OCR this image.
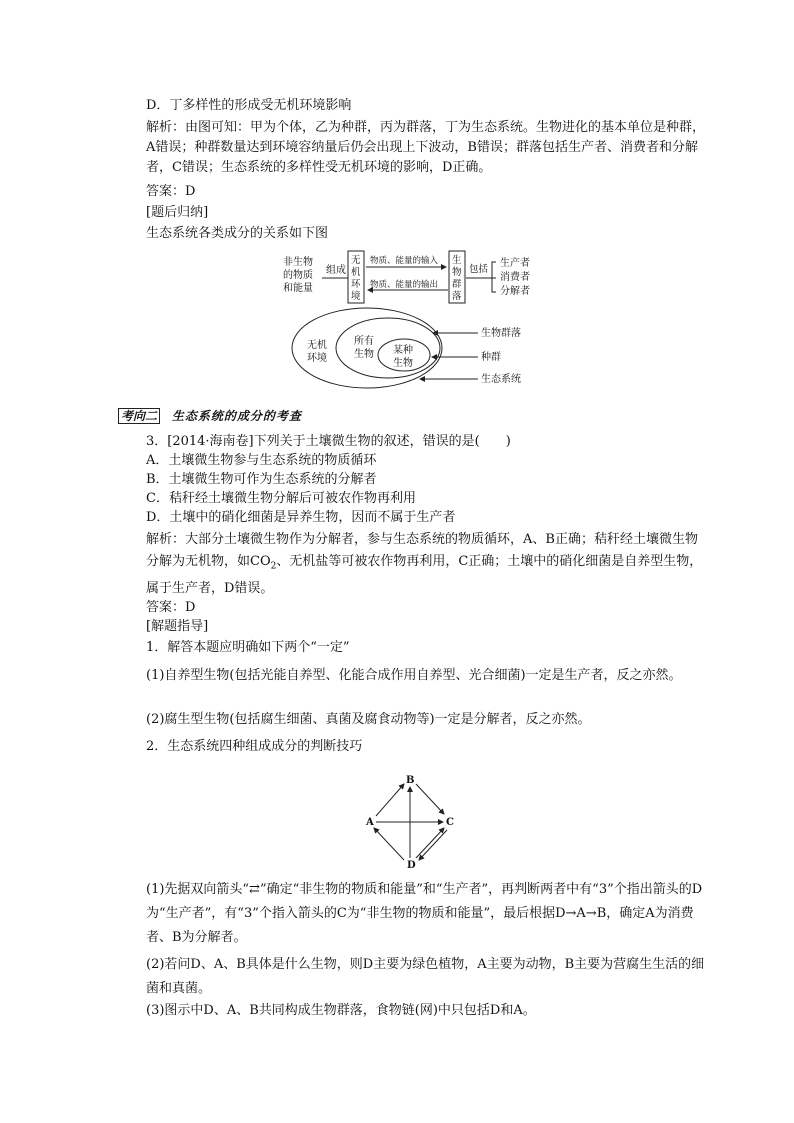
D．丁多样性的形成受无机环境影响

解析：由图可知：甲为个体，乙为种群，丙为群落，丁为生态系统。生物进化的基本单位是种群，A错误；种群数量达到环境容纳量后仍会出现上下波动，B错误；群落包括生产者、消费者和分解者，C错误；生态系统的多样性受无机环境的影响，D正确。

答案：D

[题后归纳]

生态系统各类成分的关系如下图

非生物
的物质
和能量
组成
无
机
环
境
物质、能量的输入
物质、能量的输出
生
物
群
落
包括
生产者
消费者
分解者
无机
环境
所有
生物 某种
生物
生物群落
种群
生态系统
考向二 生态系统的成分的考查

3．[2014·海南卷]下列关于土壤微生物的叙述，错误的是(　　)

A．土壤微生物参与生态系统的物质循环

B．土壤微生物可作为生态系统的分解者

C．秸秆经土壤微生物分解后可被农作物再利用

D．土壤中的硝化细菌是异养生物，因而不属于生产者

解析：大部分土壤微生物作为分解者，参与生态系统的物质循环，A、B正确；秸秆经土壤微生物分解为无机物，如$CO_2$、无机盐等可被农作物再利用，C正确；土壤中的硝化细菌是自养型生物，属于生产者，D错误。

答案：D

[解题指导]

1．解答本题应明确如下两个“一定”

(1)自养型生物(包括光能自养型、化能合成作用自养型、光合细菌)一定是生产者，反之亦然。

(2)腐生型生物(包括腐生细菌、真菌及腐食动物等)一定是分解者，反之亦然。

2．生态系统四种组成成分的判断技巧

B
A	C
D

(1)先据双向箭头“⇄”确定“非生物的物质和能量”和“生产者”，再判断两者中有“3”个指出箭头的D为“生产者”，有“3”个指入箭头的C为“非生物的物质和能量”，最后根据D→A→B，确定A为消费者、B为分解者。

(2)若问D、A、B具体是什么生物，则D主要为绿色植物，A主要为动物，B主要为营腐生生活的细菌和真菌。

(3)图示中D、A、B共同构成生物群落，食物链(网)中只包括D和A。
